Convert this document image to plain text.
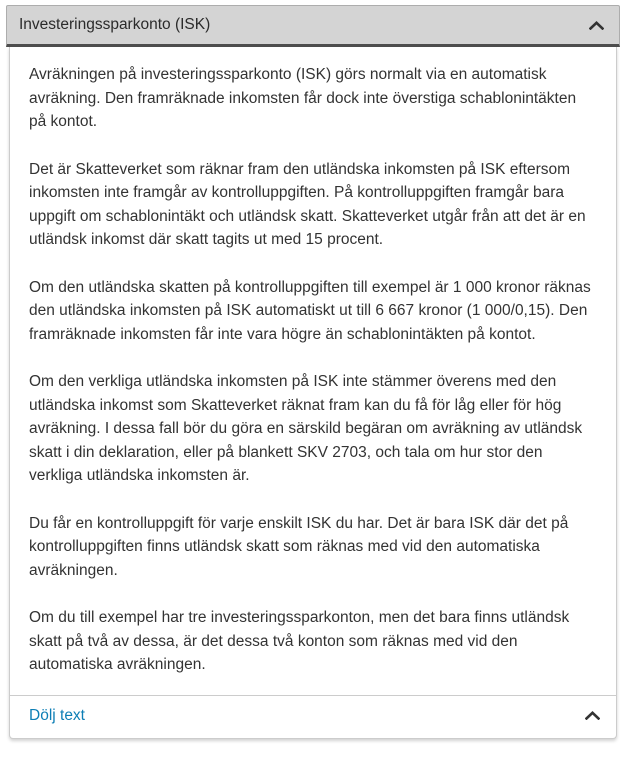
Investeringssparkonto (ISK)

Avräkningen på investeringssparkonto (ISK) görs normalt via en automatisk avräkning. Den framräknade inkomsten får dock inte överstiga schablonintäkten på kontot.

Det är Skatteverket som räknar fram den utländska inkomsten på ISK eftersom inkomsten inte framgår av kontrolluppgiften. På kontrolluppgiften framgår bara uppgift om schablonintäkt och utländsk skatt. Skatteverket utgår från att det är en utländsk inkomst där skatt tagits ut med 15 procent.

Om den utländska skatten på kontrolluppgiften till exempel är 1 000 kronor räknas den utländska inkomsten på ISK automatiskt ut till 6 667 kronor (1 000/0,15). Den framräknade inkomsten får inte vara högre än schablonintäkten på kontot.

Om den verkliga utländska inkomsten på ISK inte stämmer överens med den utländska inkomst som Skatteverket räknat fram kan du få för låg eller för hög avräkning. I dessa fall bör du göra en särskild begäran om avräkning av utländsk skatt i din deklaration, eller på blankett SKV 2703, och tala om hur stor den verkliga utländska inkomsten är.

Du får en kontrolluppgift för varje enskilt ISK du har. Det är bara ISK där det på kontrolluppgiften finns utländsk skatt som räknas med vid den automatiska avräkningen.

Om du till exempel har tre investeringssparkonton, men det bara finns utländsk skatt på två av dessa, är det dessa två konton som räknas med vid den automatiska avräkningen.

Dölj text
